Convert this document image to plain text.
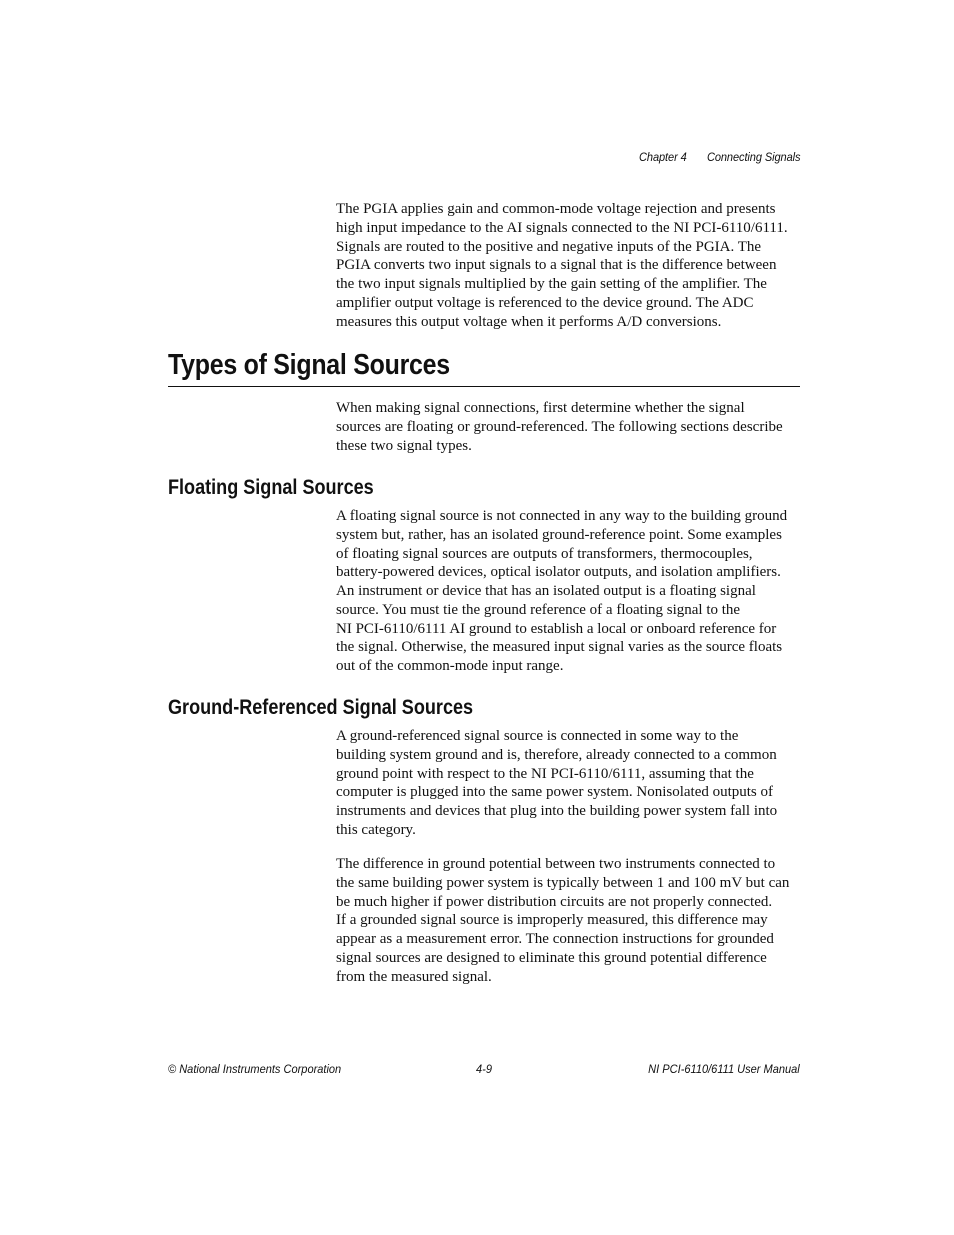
Chapter 4 Connecting Signals

The PGIA applies gain and common-mode voltage rejection and presents
high input impedance to the AI signals connected to the NI PCI-6110/6111.
Signals are routed to the positive and negative inputs of the PGIA. The
PGIA converts two input signals to a signal that is the difference between
the two input signals multiplied by the gain setting of the amplifier. The
amplifier output voltage is referenced to the device ground. The ADC
measures this output voltage when it performs A/D conversions.

Types of Signal Sources

When making signal connections, first determine whether the signal
sources are floating or ground-referenced. The following sections describe
these two signal types.

Floating Signal Sources

A floating signal source is not connected in any way to the building ground
system but, rather, has an isolated ground-reference point. Some examples
of floating signal sources are outputs of transformers, thermocouples,
battery-powered devices, optical isolator outputs, and isolation amplifiers.
An instrument or device that has an isolated output is a floating signal
source. You must tie the ground reference of a floating signal to the
NI PCI-6110/6111 AI ground to establish a local or onboard reference for
the signal. Otherwise, the measured input signal varies as the source floats
out of the common-mode input range.

Ground-Referenced Signal Sources

A ground-referenced signal source is connected in some way to the
building system ground and is, therefore, already connected to a common
ground point with respect to the NI PCI-6110/6111, assuming that the
computer is plugged into the same power system. Nonisolated outputs of
instruments and devices that plug into the building power system fall into
this category.

The difference in ground potential between two instruments connected to
the same building power system is typically between 1 and 100 mV but can
be much higher if power distribution circuits are not properly connected.
If a grounded signal source is improperly measured, this difference may
appear as a measurement error. The connection instructions for grounded
signal sources are designed to eliminate this ground potential difference
from the measured signal.

© National Instruments Corporation	4-9	NI PCI-6110/6111 User Manual
